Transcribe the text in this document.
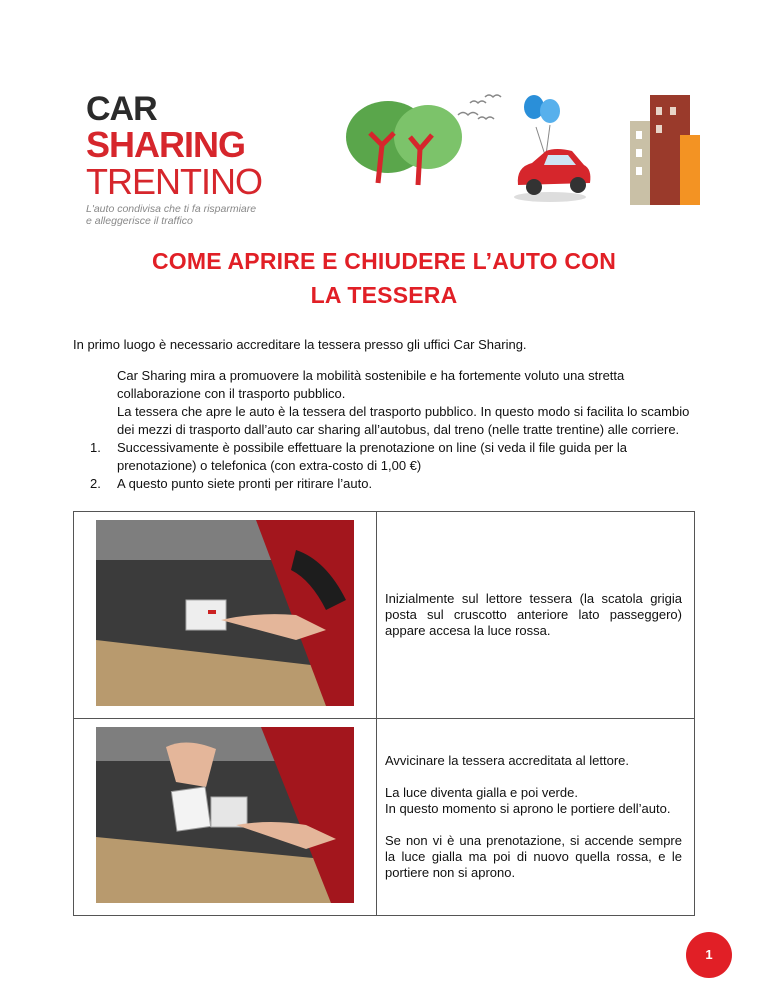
CAR
SHARING
TRENTINO
L'auto condivisa che ti fa risparmiare
e alleggerisce il traffico
COME APRIRE E CHIUDERE L’AUTO CON
LA TESSERA
In primo luogo è necessario accreditare la tessera presso gli uffici Car Sharing.
Car Sharing mira a promuovere la mobilità sostenibile e ha fortemente voluto una stretta collaborazione con il trasporto pubblico.
La tessera che apre le auto è la tessera del trasporto pubblico. In questo modo si facilita lo scambio dei mezzi di trasporto dall’auto car sharing all’autobus, dal treno (nelle tratte trentine) alle corriere.
1. Successivamente è possibile effettuare la prenotazione on line (si veda il file guida per la prenotazione) o telefonica (con extra-costo di 1,00 €)
2. A questo punto siete pronti per ritirare l’auto.

Inizialmente sul lettore tessera (la scatola grigia posta sul cruscotto anteriore lato passeggero) appare accesa la luce rossa.

Avvicinare la tessera accreditata al lettore.

La luce diventa gialla e poi verde.
In questo momento si aprono le portiere dell’auto.

Se non vi è una prenotazione, si accende sempre la luce gialla ma poi di nuovo quella rossa, e le portiere non si aprono.

1
